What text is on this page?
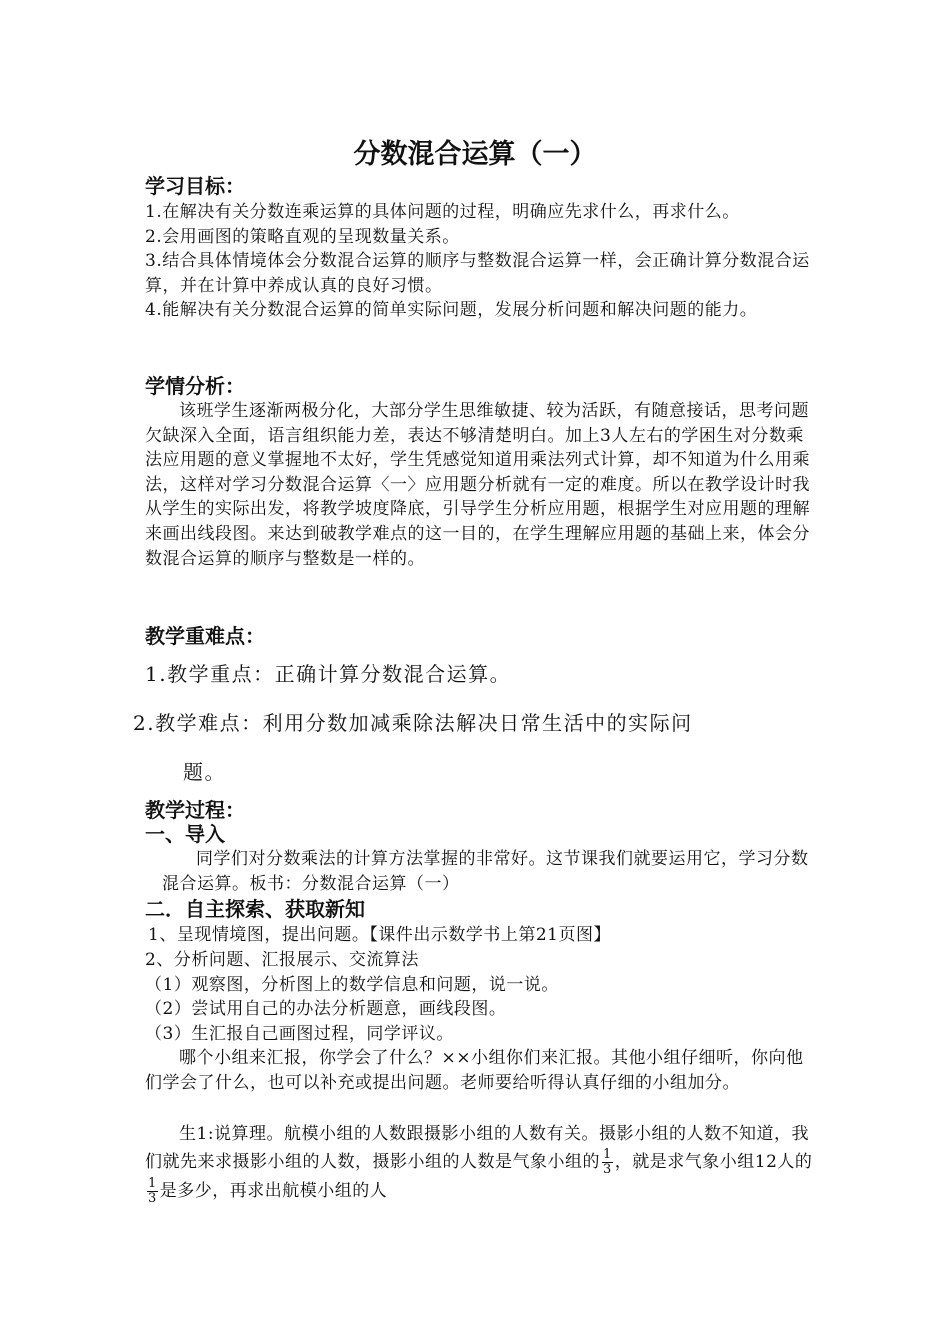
分数混合运算（一）
学习目标：
1.在解决有关分数连乘运算的具体问题的过程，明确应先求什么，再求什么。
2.会用画图的策略直观的呈现数量关系。
3.结合具体情境体会分数混合运算的顺序与整数混合运算一样，会正确计算分数混合运算，并在计算中养成认真的良好习惯。
4.能解决有关分数混合运算的简单实际问题，发展分析问题和解决问题的能力。
学情分析：
该班学生逐渐两极分化，大部分学生思维敏捷、较为活跃，有随意接话，思考问题欠缺深入全面，语言组织能力差，表达不够清楚明白。加上3人左右的学困生对分数乘法应用题的意义掌握地不太好，学生凭感觉知道用乘法列式计算，却不知道为什么用乘法，这样对学习分数混合运算〈一〉应用题分析就有一定的难度。所以在教学设计时我从学生的实际出发，将教学坡度降底，引导学生分析应用题，根据学生对应用题的理解来画出线段图。来达到破教学难点的这一目的，在学生理解应用题的基础上来，体会分数混合运算的顺序与整数是一样的。
教学重难点：
1.教学重点：正确计算分数混合运算。
2.教学难点：利用分数加减乘除法解决日常生活中的实际问
题。
教学过程：
一、导入
同学们对分数乘法的计算方法掌握的非常好。这节课我们就要运用它，学习分数混合运算。板书：分数混合运算（一）
二．自主探索、获取新知
1、呈现情境图，提出问题。【课件出示数学书上第21页图】
2、分析问题、汇报展示、交流算法
（1）观察图，分析图上的数学信息和问题，说一说。
（2）尝试用自己的办法分析题意，画线段图。
（3）生汇报自己画图过程，同学评议。
哪个小组来汇报，你学会了什么？××小组你们来汇报。其他小组仔细听，你向他们学会了什么，也可以补充或提出问题。老师要给听得认真仔细的小组加分。
生1:说算理。航模小组的人数跟摄影小组的人数有关。摄影小组的人数不知道，我们就先来求摄影小组的人数，摄影小组的人数是气象小组的 $\frac{1}{3}$ ，就是求气象小组12人的
$\frac{1}{3}$ 是多少，再求出航模小组的人
